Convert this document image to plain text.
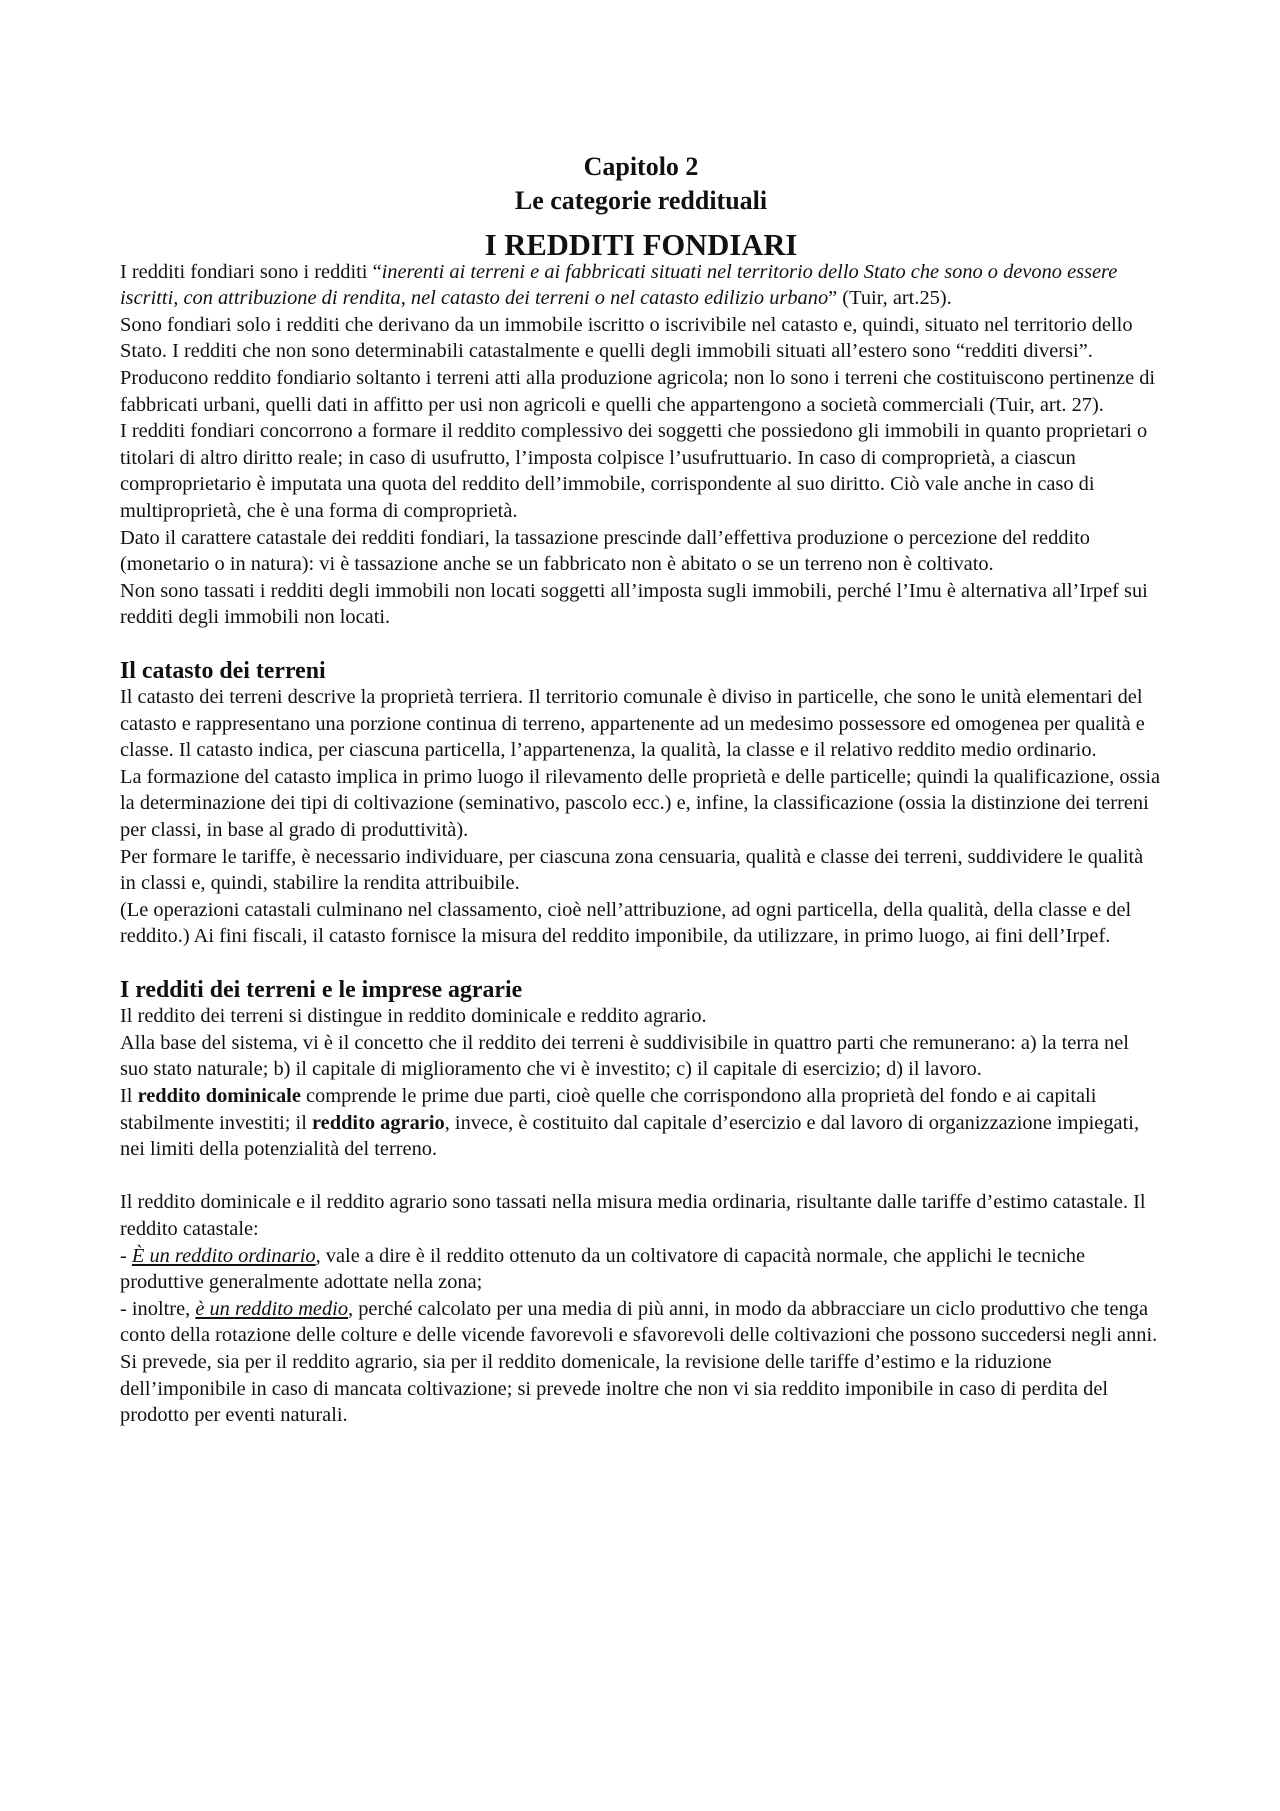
Capitolo 2
Le categorie reddituali
I REDDITI FONDIARI

I redditi fondiari sono i redditi “inerenti ai terreni e ai fabbricati situati nel territorio dello Stato che sono o devono essere iscritti, con attribuzione di rendita, nel catasto dei terreni o nel catasto edilizio urbano” (Tuir, art.25).

Sono fondiari solo i redditi che derivano da un immobile iscritto o iscrivibile nel catasto e, quindi, situato nel territorio dello Stato. I redditi che non sono determinabili catastalmente e quelli degli immobili situati all’estero sono “redditi diversi”.

Producono reddito fondiario soltanto i terreni atti alla produzione agricola; non lo sono i terreni che costituiscono pertinenze di fabbricati urbani, quelli dati in affitto per usi non agricoli e quelli che appartengono a società commerciali (Tuir, art. 27).

I redditi fondiari concorrono a formare il reddito complessivo dei soggetti che possiedono gli immobili in quanto proprietari o titolari di altro diritto reale; in caso di usufrutto, l’imposta colpisce l’usufruttuario. In caso di comproprietà, a ciascun comproprietario è imputata una quota del reddito dell’immobile, corrispondente al suo diritto. Ciò vale anche in caso di multiproprietà, che è una forma di comproprietà.

Dato il carattere catastale dei redditi fondiari, la tassazione prescinde dall’effettiva produzione o percezione del reddito (monetario o in natura): vi è tassazione anche se un fabbricato non è abitato o se un terreno non è coltivato.

Non sono tassati i redditi degli immobili non locati soggetti all’imposta sugli immobili, perché l’Imu è alternativa all’Irpef sui redditi degli immobili non locati.

Il catasto dei terreni

Il catasto dei terreni descrive la proprietà terriera. Il territorio comunale è diviso in particelle, che sono le unità elementari del catasto e rappresentano una porzione continua di terreno, appartenente ad un medesimo possessore ed omogenea per qualità e classe. Il catasto indica, per ciascuna particella, l’appartenenza, la qualità, la classe e il relativo reddito medio ordinario.

La formazione del catasto implica in primo luogo il rilevamento delle proprietà e delle particelle; quindi la qualificazione, ossia la determinazione dei tipi di coltivazione (seminativo, pascolo ecc.) e, infine, la classificazione (ossia la distinzione dei terreni per classi, in base al grado di produttività).

Per formare le tariffe, è necessario individuare, per ciascuna zona censuaria, qualità e classe dei terreni, suddividere le qualità in classi e, quindi, stabilire la rendita attribuibile.

(Le operazioni catastali culminano nel classamento, cioè nell’attribuzione, ad ogni particella, della qualità, della classe e del reddito.) Ai fini fiscali, il catasto fornisce la misura del reddito imponibile, da utilizzare, in primo luogo, ai fini dell’Irpef.

I redditi dei terreni e le imprese agrarie

Il reddito dei terreni si distingue in reddito dominicale e reddito agrario.

Alla base del sistema, vi è il concetto che il reddito dei terreni è suddivisibile in quattro parti che remunerano: a) la terra nel suo stato naturale; b) il capitale di miglioramento che vi è investito; c) il capitale di esercizio; d) il lavoro.

Il reddito dominicale comprende le prime due parti, cioè quelle che corrispondono alla proprietà del fondo e ai capitali stabilmente investiti; il reddito agrario, invece, è costituito dal capitale d’esercizio e dal lavoro di organizzazione impiegati, nei limiti della potenzialità del terreno.

Il reddito dominicale e il reddito agrario sono tassati nella misura media ordinaria, risultante dalle tariffe d’estimo catastale. Il reddito catastale:

- È un reddito ordinario, vale a dire è il reddito ottenuto da un coltivatore di capacità normale, che applichi le tecniche produttive generalmente adottate nella zona;

- inoltre, è un reddito medio, perché calcolato per una media di più anni, in modo da abbracciare un ciclo produttivo che tenga conto della rotazione delle colture e delle vicende favorevoli e sfavorevoli delle coltivazioni che possono succedersi negli anni.

Si prevede, sia per il reddito agrario, sia per il reddito domenicale, la revisione delle tariffe d’estimo e la riduzione dell’imponibile in caso di mancata coltivazione; si prevede inoltre che non vi sia reddito imponibile in caso di perdita del prodotto per eventi naturali.
